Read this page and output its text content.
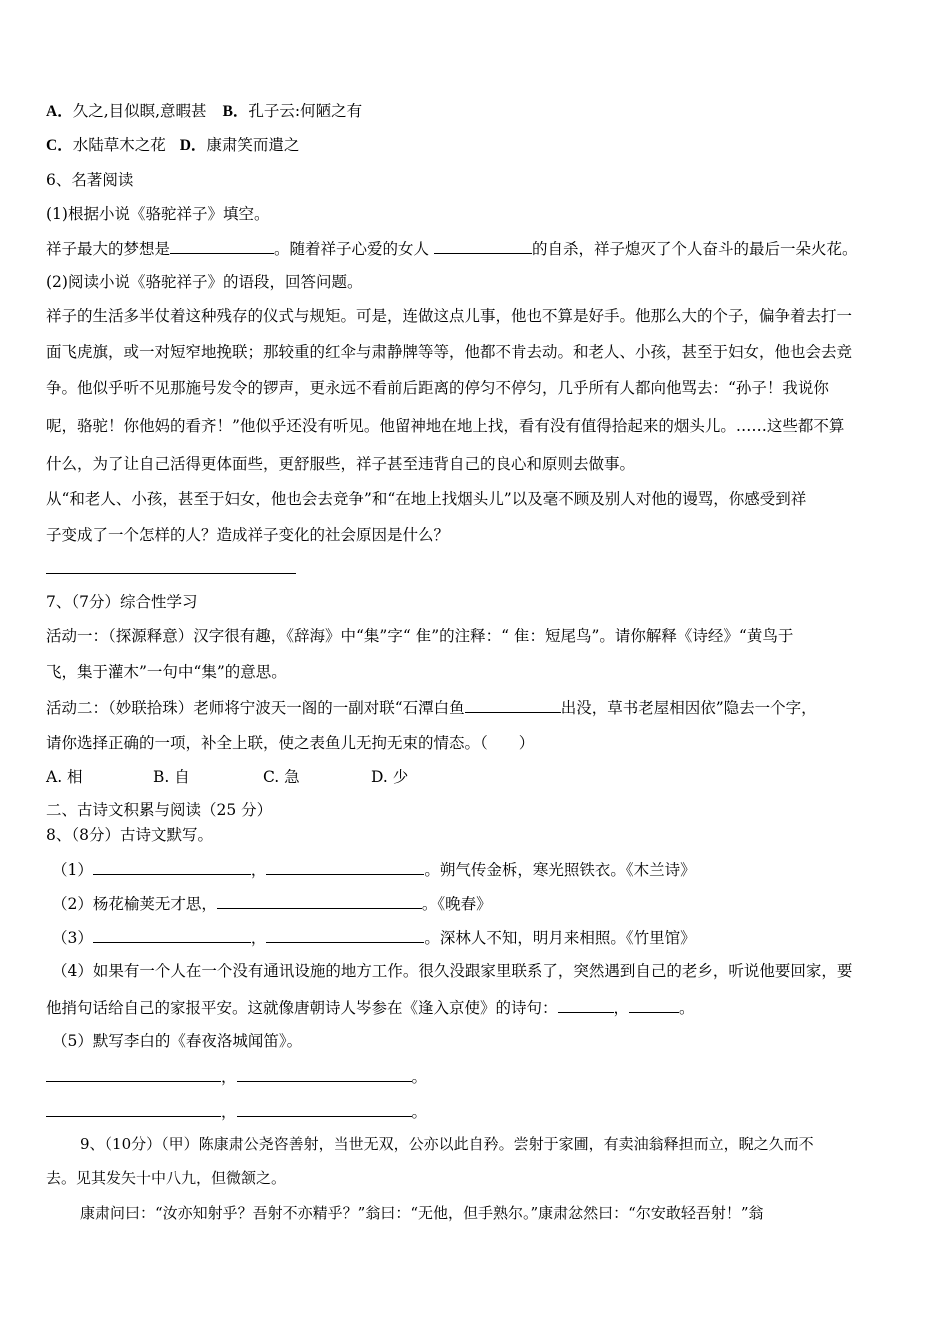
A．久之,目似瞑,意暇甚 B．孔子云:何陋之有
C．水陆草木之花 D．康肃笑而遣之
6、名著阅读
(1)根据小说《骆驼祥子》填空。
祥子最大的梦想是	。随着祥子心爱的女人	的自杀，祥子熄灭了个人奋斗的最后一朵火花。
(2)阅读小说《骆驼祥子》的语段，回答问题。
祥子的生活多半仗着这种残存的仪式与规矩。可是，连做这点儿事，他也不算是好手。他那么大的个子，偏争着去打一
面飞虎旗，或一对短窄地挽联；那较重的红伞与肃静牌等等，他都不肯去动。和老人、小孩，甚至于妇女，他也会去竞
争。他似乎听不见那施号发令的锣声，更永远不看前后距离的停匀不停匀，几乎所有人都向他骂去：“孙子！我说你
呢，骆驼！你他妈的看齐！”他似乎还没有听见。他留神地在地上找，看有没有值得拾起来的烟头儿。……这些都不算
什么，为了让自己活得更体面些，更舒服些，祥子甚至违背自己的良心和原则去做事。
从“和老人、小孩，甚至于妇女，他也会去竞争”和“在地上找烟头儿”以及毫不顾及别人对他的谩骂，你感受到祥
子变成了一个怎样的人？造成祥子变化的社会原因是什么？
7、（7分）综合性学习
活动一：（探源释意）汉字很有趣，《辞海》中“集”字“ 隹”的注释：“ 隹：短尾鸟”。请你解释《诗经》“黄鸟于
飞，集于灌木”一句中“集”的意思。
活动二：（妙联拾珠）老师将宁波天一阁的一副对联“石潭白鱼	出没，草书老屋相因依”隐去一个字，
请你选择正确的一项，补全上联，使之表鱼儿无拘无束的情态。（　　）
A. 相	B. 自	C. 急	D. 少
二、古诗文积累与阅读（25 分）
8、（8分）古诗文默写。
（1）	，	。朔气传金柝，寒光照铁衣。《木兰诗》
（2）杨花榆荚无才思，	。《晚春》
（3）	，	。深林人不知，明月来相照。《竹里馆》
（4）如果有一个人在一个没有通讯设施的地方工作。很久没跟家里联系了，突然遇到自己的老乡，听说他要回家，要
他捎句话给自己的家报平安。这就像唐朝诗人岑参在《逢入京使》的诗句：	，	。
（5）默写李白的《春夜洛城闻笛》。
，	。
，	。
9、（10分）（甲）陈康肃公尧咨善射，当世无双，公亦以此自矜。尝射于家圃，有卖油翁释担而立，睨之久而不
去。见其发矢十中八九，但微颔之。
康肃问曰：“汝亦知射乎？吾射不亦精乎？”翁曰：“无他，但手熟尔。”康肃忿然曰：“尔安敢轻吾射！”翁
